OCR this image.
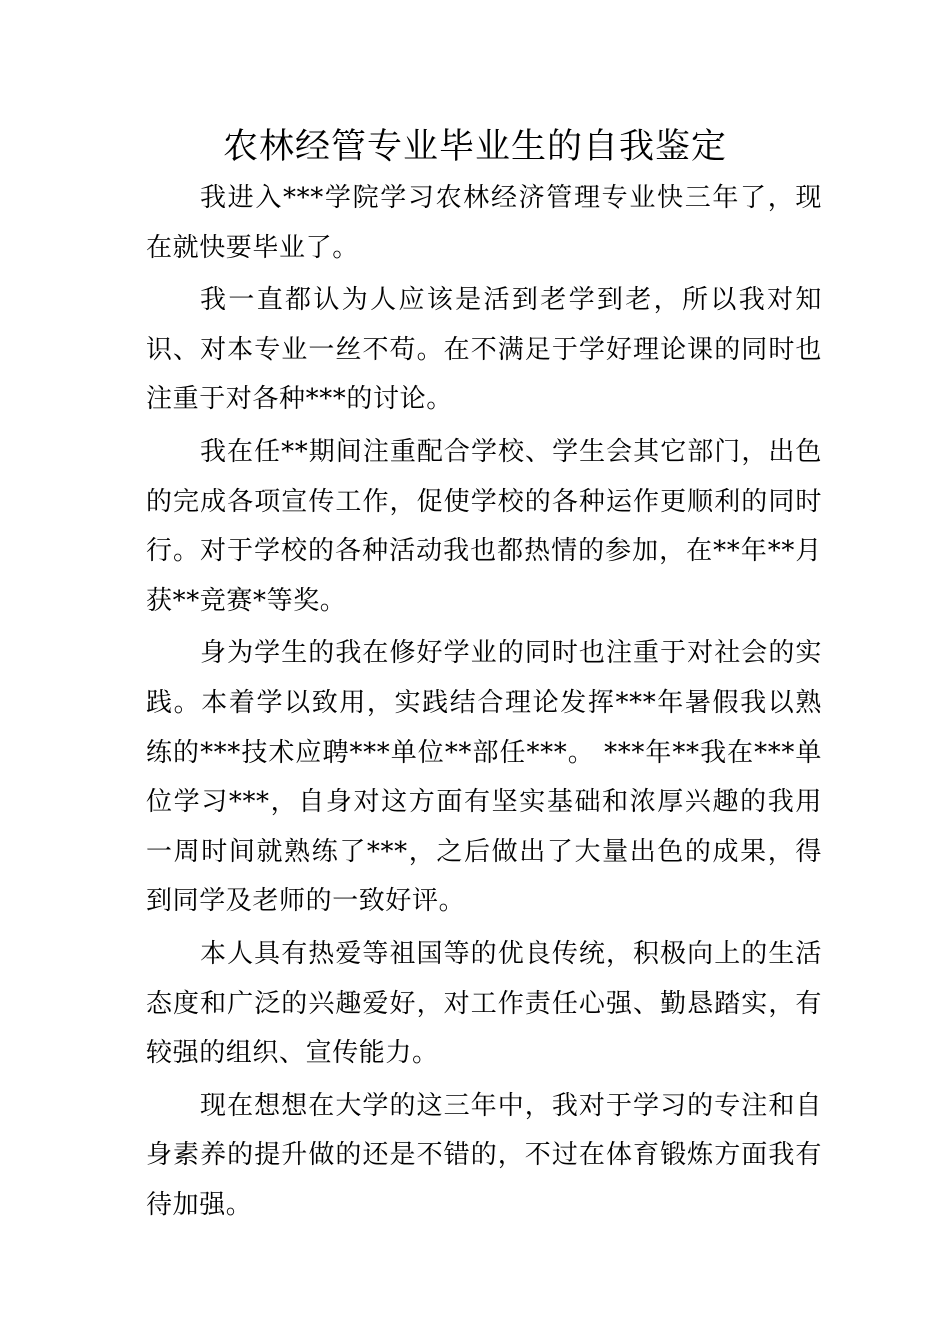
农林经管专业毕业生的自我鉴定

我进入***学院学习农林经济管理专业快三年了，现在就快要毕业了。

我一直都认为人应该是活到老学到老，所以我对知识、对本专业一丝不苟。在不满足于学好理论课的同时也注重于对各种***的讨论。

我在任**期间注重配合学校、学生会其它部门，出色的完成各项宣传工作，促使学校的各种运作更顺利的同时行。对于学校的各种活动我也都热情的参加，在**年**月获**竞赛*等奖。

身为学生的我在修好学业的同时也注重于对社会的实践。本着学以致用，实践结合理论发挥***年暑假我以熟练的***技术应聘***单位**部任***。 ***年**我在***单位学习***，自身对这方面有坚实基础和浓厚兴趣的我用一周时间就熟练了***，之后做出了大量出色的成果，得到同学及老师的一致好评。

本人具有热爱等祖国等的优良传统，积极向上的生活态度和广泛的兴趣爱好，对工作责任心强、勤恳踏实，有较强的组织、宣传能力。

现在想想在大学的这三年中，我对于学习的专注和自身素养的提升做的还是不错的，不过在体育锻炼方面我有待加强。
